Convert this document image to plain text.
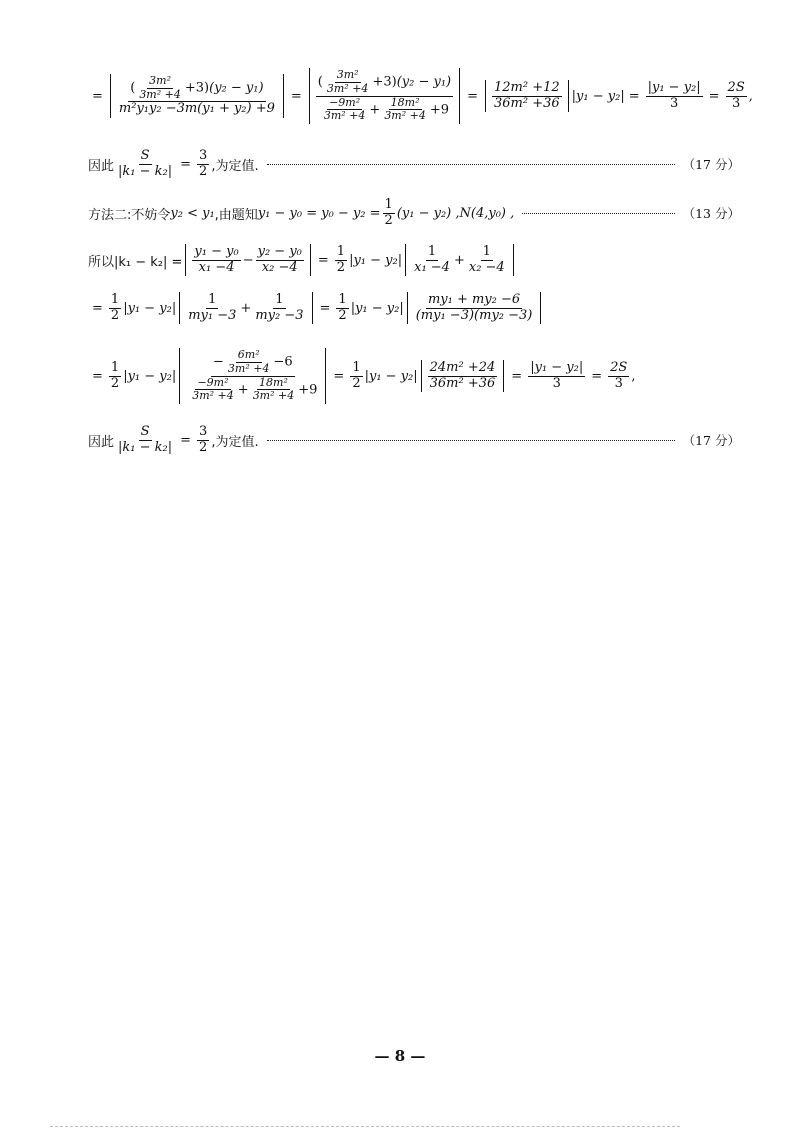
= $\frac{( \frac{\text{3m²}}{\text{3m² +4}} +3)(y_2 - y_1)}{\text{m²y₁y₂ −3m(y₁ + y₂) +9}} = \frac{( \frac{\text{3m²}}{\text{3m² +4}} +3)(y_2 - y_1)}{\frac{\text{−9m²}}{\text{3m² +4}} + \frac{\text{18m²}}{\text{3m² +4}} +9} = \frac{\text{12m² +12}}{\text{36m² +36}} |y_1 - y_2| = \frac{\text{|y₁ − y₂|}}{3} = \frac{2S}{3}$ ,
因此 $\frac{S}{\text{|k₁ − k₂|}} = \frac{3}{2}$ ,为定值.	（17 分）
方法二:不妨令 y₂ < y₁ ,由题知 $y_1 - y_0 = y_0 - y_2 = \frac{1}{2} (y_1 - y_2)$ ,N(4,y₀) ,	（13 分）
所以$|k_1 - k_2| = \frac{\text{y₁ − y₀}}{\text{x₁ −4}} - \frac{\text{y₂ − y₀}}{\text{x₂ −4}} = \frac{1}{2} |y_1 - y_2| \frac{1}{\text{x₁ −4}} + \frac{1}{\text{x₂ −4}}$
= $\frac{1}{2} |y_1 - y_2| \frac{1}{\text{my₁ −3}} + \frac{1}{\text{my₂ −3}} = \frac{1}{2} |y_1 - y_2| \frac{\text{my₁ + my₂ −6}}{\text{(my₁ −3)(my₂ −3)}}$
= $\frac{1}{2} |y_1 - y_2| \frac{- \frac{\text{6m²}}{\text{3m² +4}} -6}{\frac{\text{−9m²}}{\text{3m² +4}} + \frac{\text{18m²}}{\text{3m² +4}} +9} = \frac{1}{2} |y_1 - y_2| \frac{\text{24m² +24}}{\text{36m² +36}} = \frac{\text{|y₁ − y₂|}}{3} = \frac{2S}{3}$ ,
因此 $\frac{S}{\text{|k₁ − k₂|}} = \frac{3}{2}$ ,为定值.	（17 分）
— 8 —
